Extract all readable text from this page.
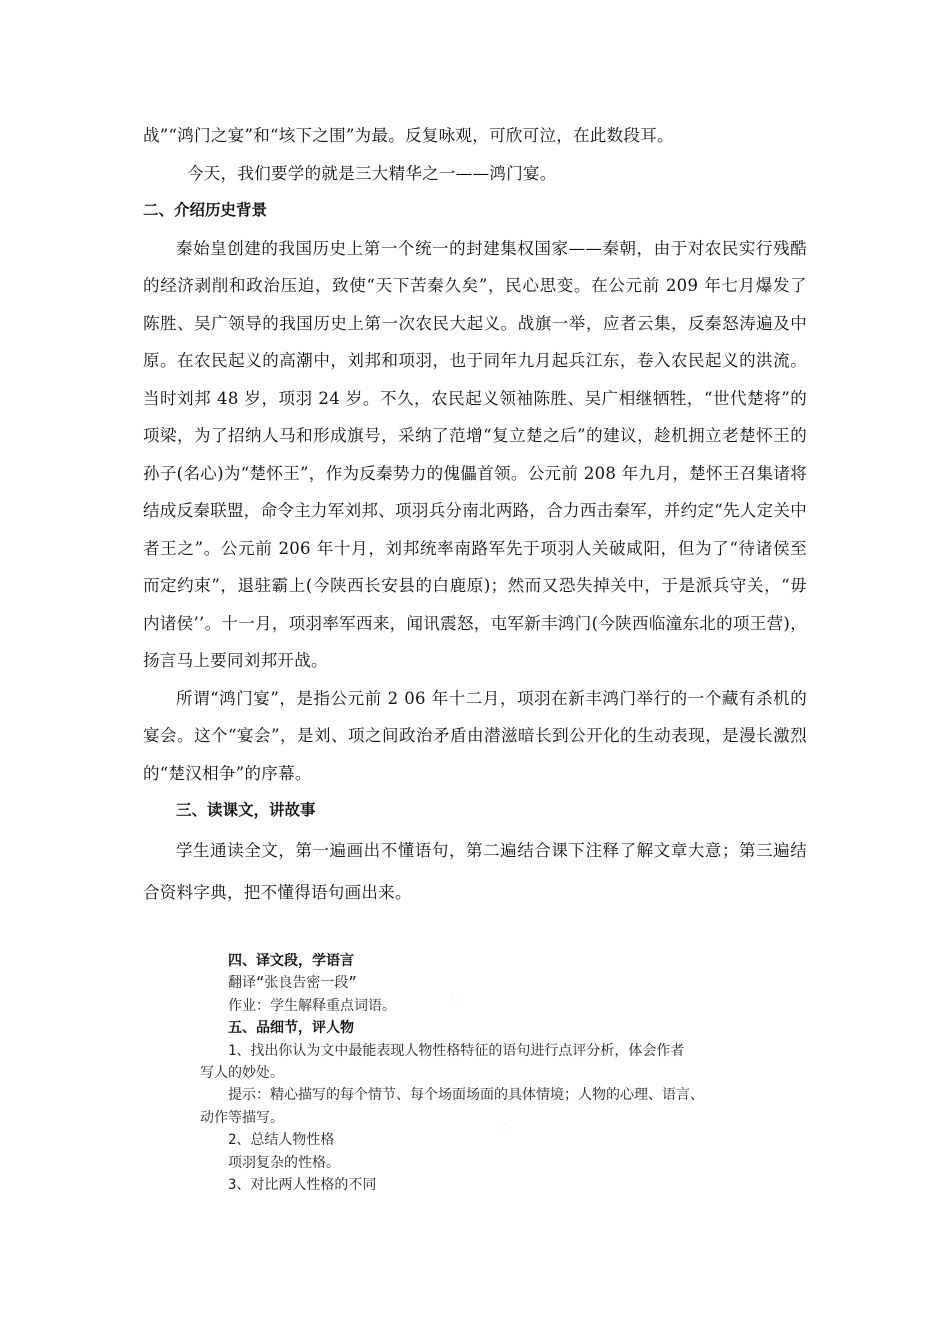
战”“鸿门之宴”和“垓下之围”为最。反复咏观，可欣可泣，在此数段耳。

今天，我们要学的就是三大精华之一——鸿门宴。

二、介绍历史背景

秦始皇创建的我国历史上第一个统一的封建集权国家——秦朝，由于对农民实行残酷的经济剥削和政治压迫，致使“天下苦秦久矣”，民心思变。在公元前 209 年七月爆发了陈胜、吴广领导的我国历史上第一次农民大起义。战旗一举，应者云集，反秦怒涛遍及中原。在农民起义的高潮中，刘邦和项羽，也于同年九月起兵江东，卷入农民起义的洪流。当时刘邦 48 岁，项羽 24 岁。不久，农民起义领袖陈胜、吴广相继牺牲，“世代楚将”的项梁，为了招纳人马和形成旗号，采纳了范增“复立楚之后”的建议，趁机拥立老楚怀王的孙子(名心)为“楚怀王”，作为反秦势力的傀儡首领。公元前 208 年九月，楚怀王召集诸将结成反秦联盟，命令主力军刘邦、项羽兵分南北两路，合力西击秦军，并约定“先人定关中者王之”。公元前 206 年十月，刘邦统率南路军先于项羽人关破咸阳，但为了“待诸侯至而定约束”，退驻霸上(今陕西长安县的白鹿原)；然而又恐失掉关中，于是派兵守关，“毋内诸侯’’。十一月，项羽率军西来，闻讯震怒，屯军新丰鸿门(今陕西临潼东北的项王营)，扬言马上要同刘邦开战。

所谓“鸿门宴”，是指公元前 2 06 年十二月，项羽在新丰鸿门举行的一个藏有杀机的宴会。这个“宴会”，是刘、项之间政治矛盾由潜滋暗长到公开化的生动表现，是漫长激烈的“楚汉相争”的序幕。

三、读课文，讲故事

学生通读全文，第一遍画出不懂语句，第二遍结合课下注释了解文章大意；第三遍结合资料字典，把不懂得语句画出来。

◌
◌

四、译文段，学语言

翻译“张良告密一段”

作业：学生解释重点词语。

五、品细节，评人物

1、找出你认为文中最能表现人物性格特征的语句进行点评分析，体会作者

写人的妙处。

提示：精心描写的每个情节、每个场面场面的具体情境；人物的心理、语言、

动作等描写。

2、总结人物性格

项羽复杂的性格。

3、对比两人性格的不同
